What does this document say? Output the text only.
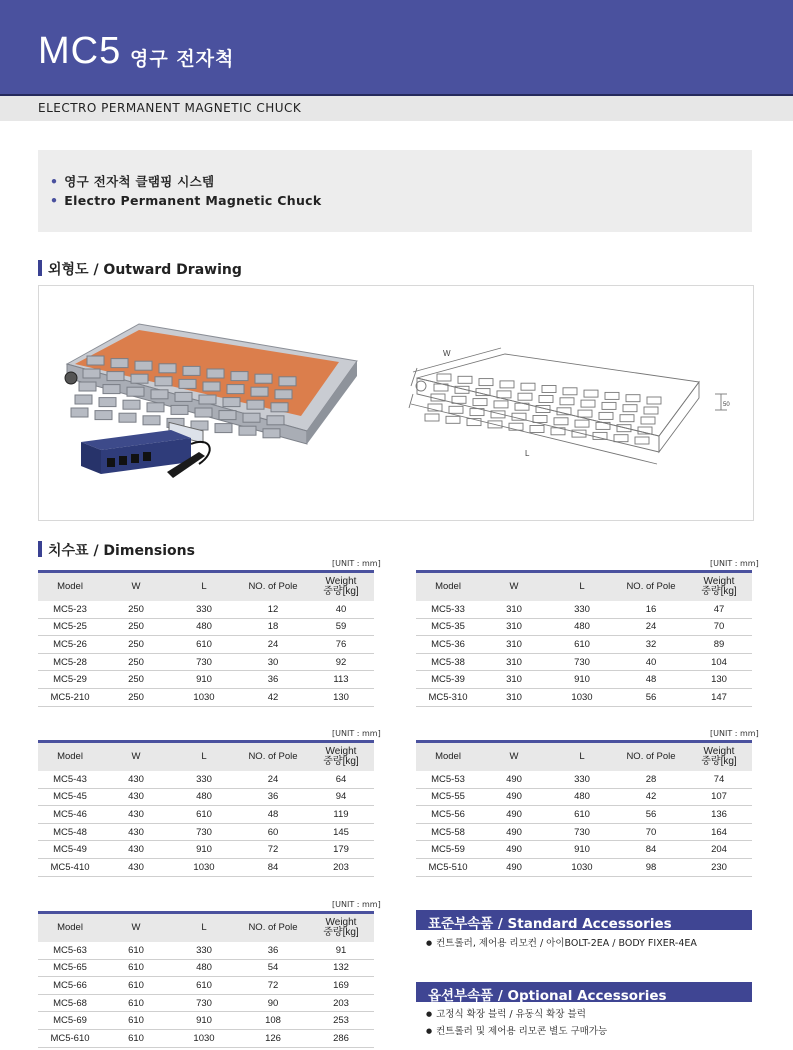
MC5 영구 전자척
ELECTRO PERMANENT MAGNETIC CHUCK
• 영구 전자척 클램핑 시스템
• Electro Permanent Magnetic Chuck
외형도 / Outward Drawing
W
L
50
치수표 / Dimensions
[UNIT : mm]	[UNIT : mm]
[UNIT : mm]	[UNIT : mm]
[UNIT : mm]
Model	W	L	NO. of Pole	Weight
중량[kg]
MC5-23	250	330	12	40
MC5-25	250	480	18	59
MC5-26	250	610	24	76
MC5-28	250	730	30	92
MC5-29	250	910	36	113
MC5-210	250	1030	42	130
Model	W	L	NO. of Pole	Weight
중량[kg]
MC5-33	310	330	16	47
MC5-35	310	480	24	70
MC5-36	310	610	32	89
MC5-38	310	730	40	104
MC5-39	310	910	48	130
MC5-310	310	1030	56	147
Model	W	L	NO. of Pole	Weight
중량[kg]
MC5-43	430	330	24	64
MC5-45	430	480	36	94
MC5-46	430	610	48	119
MC5-48	430	730	60	145
MC5-49	430	910	72	179
MC5-410	430	1030	84	203
Model	W	L	NO. of Pole	Weight
중량[kg]
MC5-53	490	330	28	74
MC5-55	490	480	42	107
MC5-56	490	610	56	136
MC5-58	490	730	70	164
MC5-59	490	910	84	204
MC5-510	490	1030	98	230
Model	W	L	NO. of Pole	Weight
중량[kg]
MC5-63	610	330	36	91
MC5-65	610	480	54	132
MC5-66	610	610	72	169
MC5-68	610	730	90	203
MC5-69	610	910	108	253
MC5-610	610	1030	126	286
표준부속품 / Standard Accessories
● 컨트롤러, 제어용 리모컨 / 아이BOLT-2EA / BODY FIXER-4EA
옵션부속품 / Optional Accessories
● 고정식 확장 블럭 / 유동식 확장 블럭
● 컨트롤러 및 제어용 리모콘 별도 구매가능
